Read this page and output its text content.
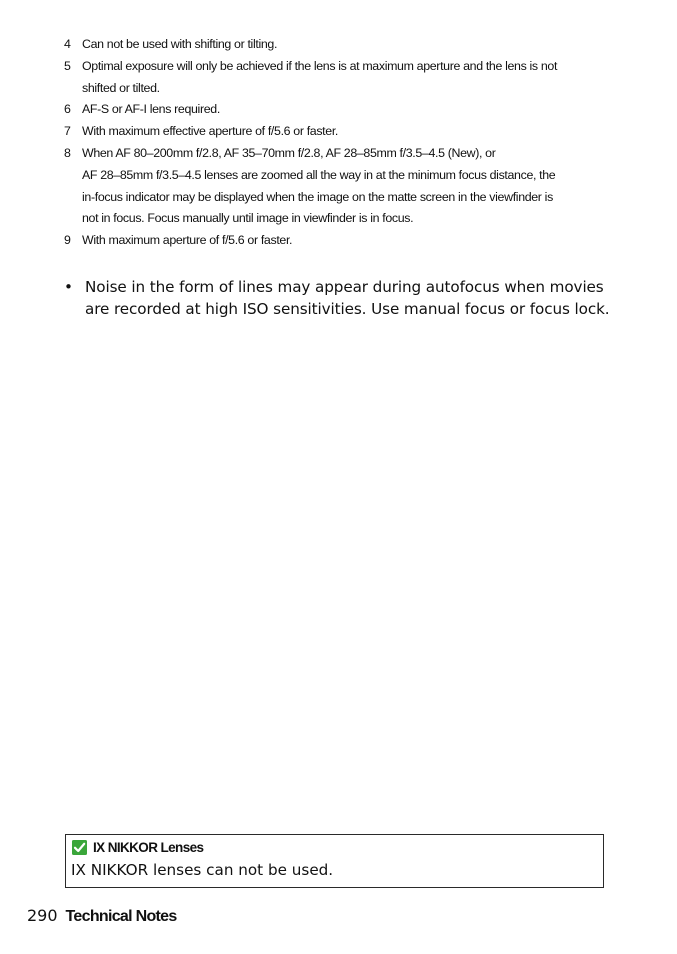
4 Can not be used with shifting or tilting.
5 Optimal exposure will only be achieved if the lens is at maximum aperture and the lens is not
shifted or tilted.
6 AF-S or AF-I lens required.
7 With maximum effective aperture of f/5.6 or faster.
8 When AF 80–200mm f/2.8, AF 35–70mm f/2.8, AF 28–85mm f/3.5–4.5 (New), or
AF 28–85mm f/3.5–4.5 lenses are zoomed all the way in at the minimum focus distance, the
in-focus indicator may be displayed when the image on the matte screen in the viewfinder is
not in focus. Focus manually until image in viewfinder is in focus.
9 With maximum aperture of f/5.6 or faster.
• Noise in the form of lines may appear during autofocus when movies
are recorded at high ISO sensitivities. Use manual focus or focus lock.
IX NIKKOR Lenses
IX NIKKOR lenses can not be used.
290 Technical Notes
